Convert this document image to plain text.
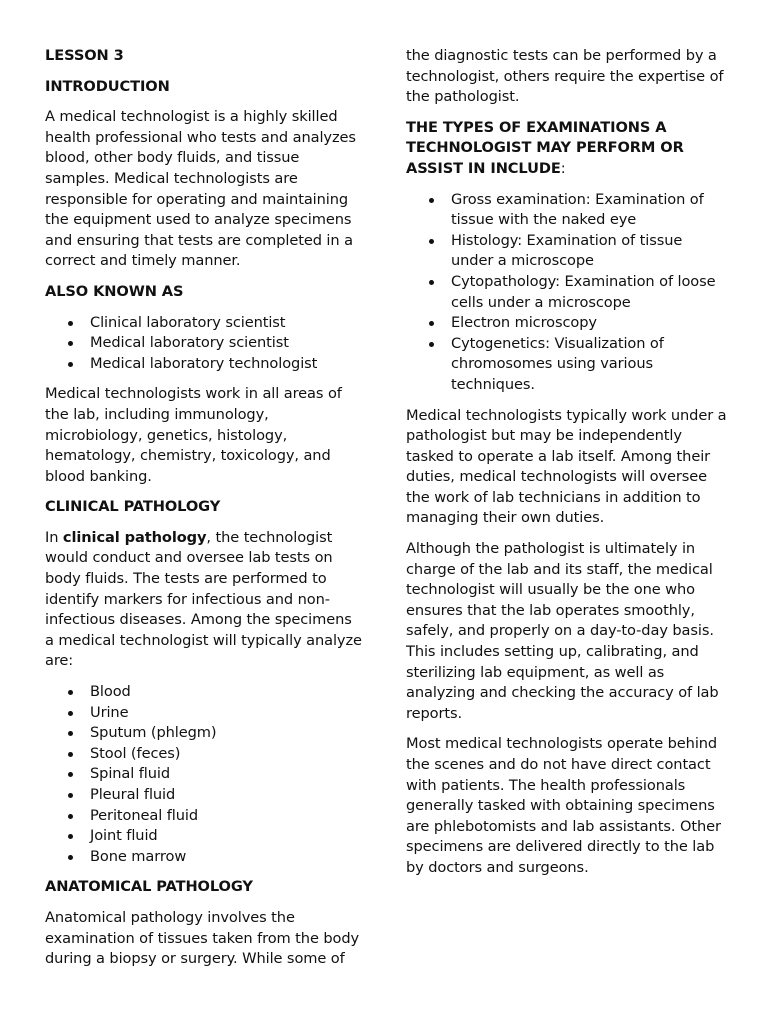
LESSON 3
INTRODUCTION

A medical technologist is a highly skilled health professional who tests and analyzes blood, other body fluids, and tissue samples. Medical technologists are responsible for operating and maintaining the equipment used to analyze specimens and ensuring that tests are completed in a correct and timely manner.

ALSO KNOWN AS
Clinical laboratory scientist
Medical laboratory scientist
Medical laboratory technologist

Medical technologists work in all areas of the lab, including immunology, microbiology, genetics, histology, hematology, chemistry, toxicology, and blood banking.

CLINICAL PATHOLOGY

In clinical pathology, the technologist would conduct and oversee lab tests on body fluids. The tests are performed to identify markers for infectious and non-infectious diseases. Among the specimens a medical technologist will typically analyze are:

Blood
Urine
Sputum (phlegm)
Stool (feces)
Spinal fluid
Pleural fluid
Peritoneal fluid
Joint fluid
Bone marrow
ANATOMICAL PATHOLOGY

Anatomical pathology involves the examination of tissues taken from the body during a biopsy or surgery. While some of

the diagnostic tests can be performed by a technologist, others require the expertise of the pathologist.

THE TYPES OF EXAMINATIONS A TECHNOLOGIST MAY PERFORM OR ASSIST IN INCLUDE:
Gross examination: Examination of tissue with the naked eye
Histology: Examination of tissue under a microscope
Cytopathology: Examination of loose cells under a microscope
Electron microscopy
Cytogenetics: Visualization of chromosomes using various techniques.

Medical technologists typically work under a pathologist but may be independently tasked to operate a lab itself. Among their duties, medical technologists will oversee the work of lab technicians in addition to managing their own duties.

Although the pathologist is ultimately in charge of the lab and its staff, the medical technologist will usually be the one who ensures that the lab operates smoothly, safely, and properly on a day-to-day basis. This includes setting up, calibrating, and sterilizing lab equipment, as well as analyzing and checking the accuracy of lab reports.

Most medical technologists operate behind the scenes and do not have direct contact with patients. The health professionals generally tasked with obtaining specimens are phlebotomists and lab assistants. Other specimens are delivered directly to the lab by doctors and surgeons.
